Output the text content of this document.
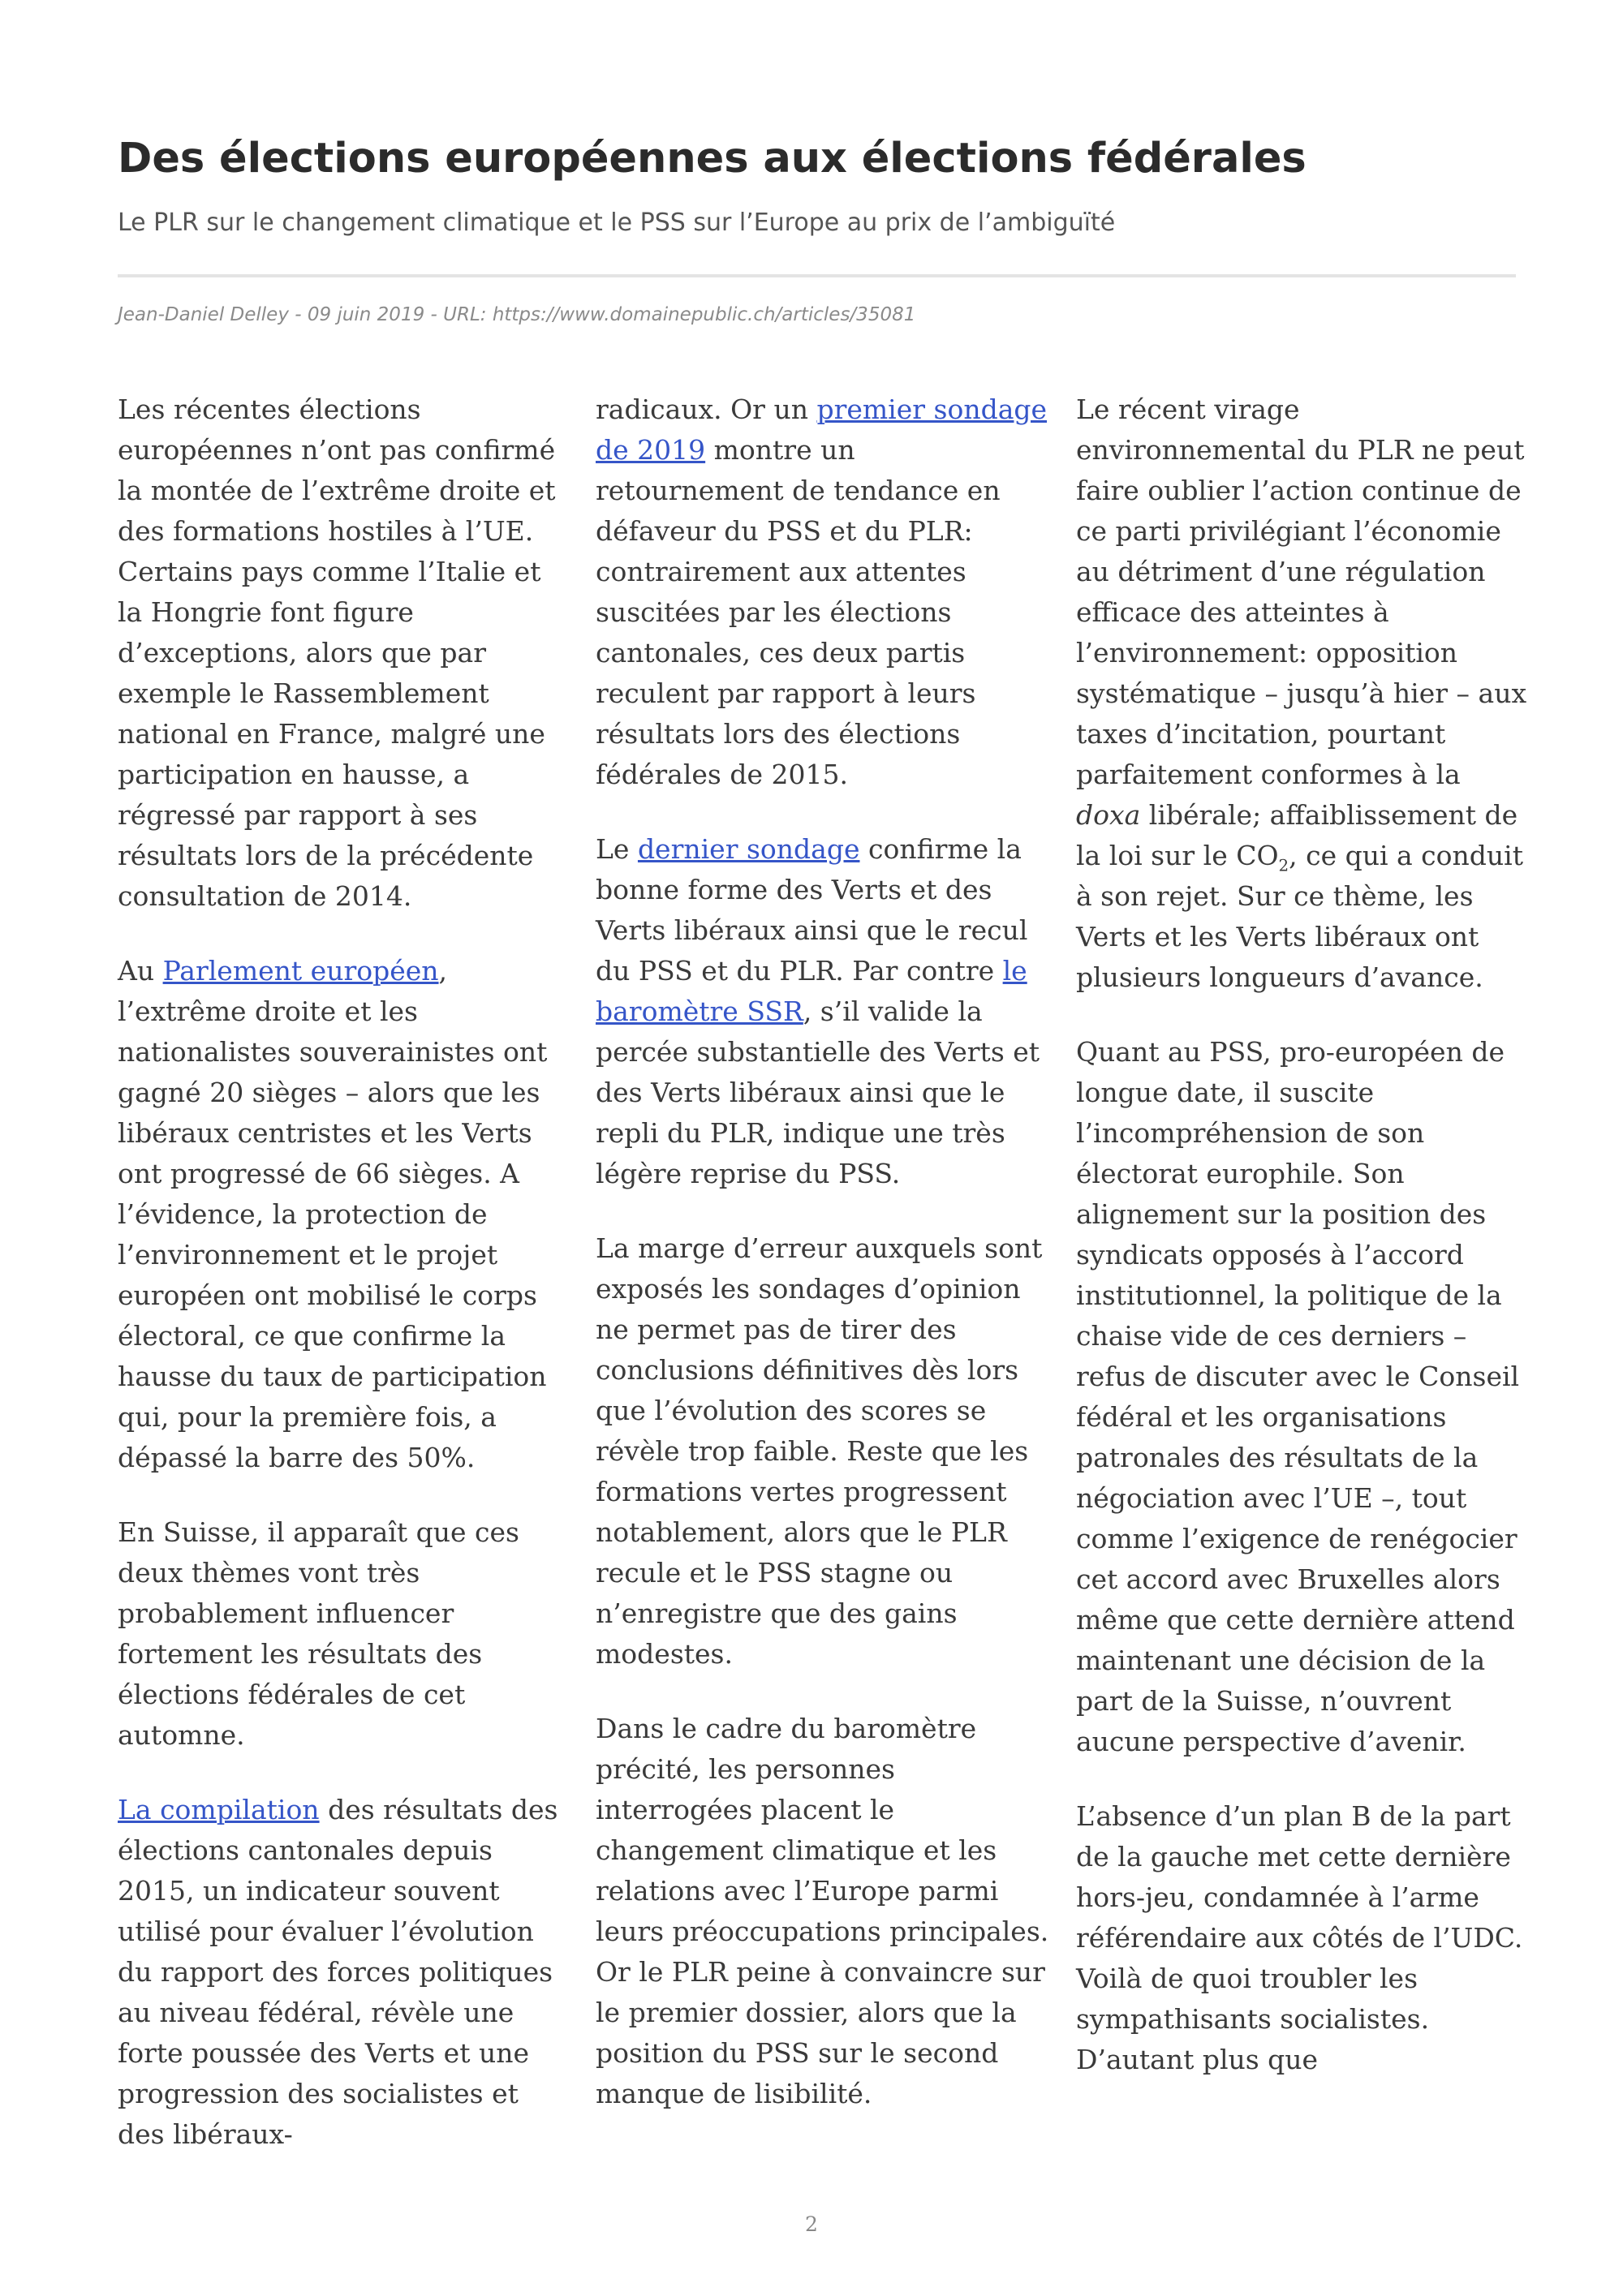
Des élections européennes aux élections fédérales

Le PLR sur le changement climatique et le PSS sur l’Europe au prix de l’ambiguïté

Jean-Daniel Delley - 09 juin 2019 - URL: https://www.domainepublic.ch/articles/35081

Les récentes élections européennes n’ont pas confirmé la montée de l’extrême droite et des formations hostiles à l’UE. Certains pays comme l’Italie et la Hongrie font figure d’exceptions, alors que par exemple le Rassemblement national en France, malgré une participation en hausse, a régressé par rapport à ses résultats lors de la précédente consultation de 2014.

Au Parlement européen, l’extrême droite et les nationalistes souverainistes ont gagné 20 sièges – alors que les libéraux centristes et les Verts ont progressé de 66 sièges. A l’évidence, la protection de l’environnement et le projet européen ont mobilisé le corps électoral, ce que confirme la hausse du taux de participation qui, pour la première fois, a dépassé la barre des 50%.

En Suisse, il apparaît que ces deux thèmes vont très probablement influencer fortement les résultats des élections fédérales de cet automne.

La compilation des résultats des élections cantonales depuis 2015, un indicateur souvent utilisé pour évaluer l’évolution du rapport des forces politiques au niveau fédéral, révèle une forte poussée des Verts et une progression des socialistes et des libéraux-

radicaux. Or un premier sondage de 2019 montre un retournement de tendance en défaveur du PSS et du PLR: contrairement aux attentes suscitées par les élections cantonales, ces deux partis reculent par rapport à leurs résultats lors des élections fédérales de 2015.

Le dernier sondage confirme la bonne forme des Verts et des Verts libéraux ainsi que le recul du PSS et du PLR. Par contre le baromètre SSR, s’il valide la percée substantielle des Verts et des Verts libéraux ainsi que le repli du PLR, indique une très légère reprise du PSS.

La marge d’erreur auxquels sont exposés les sondages d’opinion ne permet pas de tirer des conclusions définitives dès lors que l’évolution des scores se révèle trop faible. Reste que les formations vertes progressent notablement, alors que le PLR recule et le PSS stagne ou n’enregistre que des gains modestes.

Dans le cadre du baromètre précité, les personnes interrogées placent le changement climatique et les relations avec l’Europe parmi leurs préoccupations principales. Or le PLR peine à convaincre sur le premier dossier, alors que la position du PSS sur le second manque de lisibilité.

Le récent virage environnemental du PLR ne peut faire oublier l’action continue de ce parti privilégiant l’économie au détriment d’une régulation efficace des atteintes à l’environnement: opposition systématique – jusqu’à hier – aux taxes d’incitation, pourtant parfaitement conformes à la doxa libérale; affaiblissement de la loi sur le $CO_2$, ce qui a conduit à son rejet. Sur ce thème, les Verts et les Verts libéraux ont plusieurs longueurs d’avance.

Quant au PSS, pro-européen de longue date, il suscite l’incompréhension de son électorat europhile. Son alignement sur la position des syndicats opposés à l’accord institutionnel, la politique de la chaise vide de ces derniers – refus de discuter avec le Conseil fédéral et les organisations patronales des résultats de la négociation avec l’UE –, tout comme l’exigence de renégocier cet accord avec Bruxelles alors même que cette dernière attend maintenant une décision de la part de la Suisse, n’ouvrent aucune perspective d’avenir.

L’absence d’un plan B de la part de la gauche met cette dernière hors-jeu, condamnée à l’arme référendaire aux côtés de l’UDC. Voilà de quoi troubler les sympathisants socialistes. D’autant plus que

2
